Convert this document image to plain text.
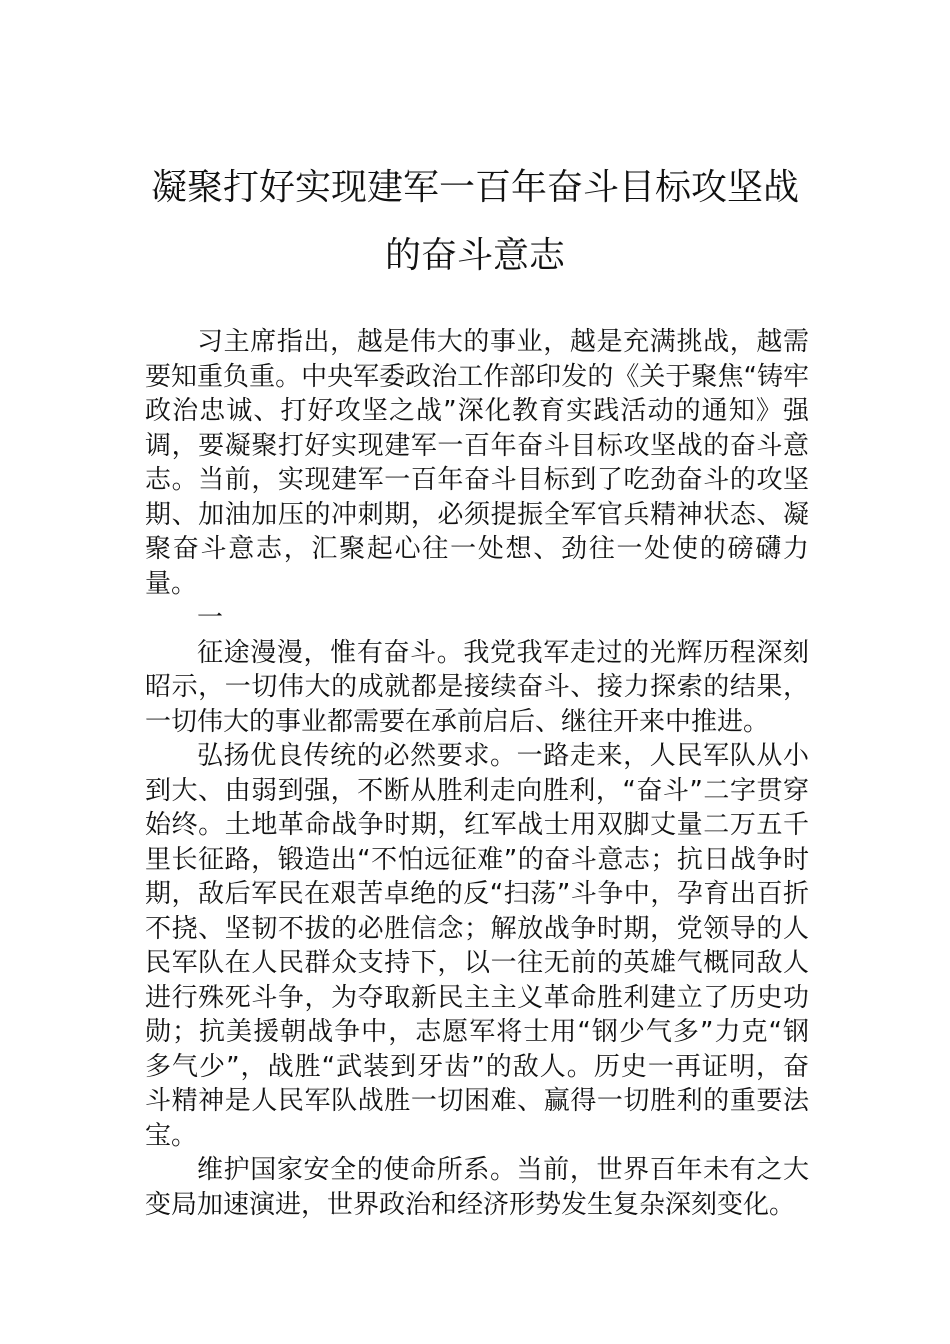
凝聚打好实现建军一百年奋斗目标攻坚战
的奋斗意志

习主席指出，越是伟大的事业，越是充满挑战，越需要知重负重。中央军委政治工作部印发的《关于聚焦“铸牢政治忠诚、打好攻坚之战”深化教育实践活动的通知》强调，要凝聚打好实现建军一百年奋斗目标攻坚战的奋斗意志。当前，实现建军一百年奋斗目标到了吃劲奋斗的攻坚期、加油加压的冲刺期，必须提振全军官兵精神状态、凝聚奋斗意志，汇聚起心往一处想、劲往一处使的磅礴力量。

一

征途漫漫，惟有奋斗。我党我军走过的光辉历程深刻昭示，一切伟大的成就都是接续奋斗、接力探索的结果，一切伟大的事业都需要在承前启后、继往开来中推进。

弘扬优良传统的必然要求。一路走来，人民军队从小到大、由弱到强，不断从胜利走向胜利，“奋斗”二字贯穿始终。土地革命战争时期，红军战士用双脚丈量二万五千里长征路，锻造出“不怕远征难”的奋斗意志；抗日战争时期，敌后军民在艰苦卓绝的反“扫荡”斗争中，孕育出百折不挠、坚韧不拔的必胜信念；解放战争时期，党领导的人民军队在人民群众支持下，以一往无前的英雄气概同敌人进行殊死斗争，为夺取新民主主义革命胜利建立了历史功勋；抗美援朝战争中，志愿军将士用“钢少气多”力克“钢多气少”，战胜“武装到牙齿”的敌人。历史一再证明，奋斗精神是人民军队战胜一切困难、赢得一切胜利的重要法宝。

维护国家安全的使命所系。当前，世界百年未有之大变局加速演进，世界政治和经济形势发生复杂深刻变化。
